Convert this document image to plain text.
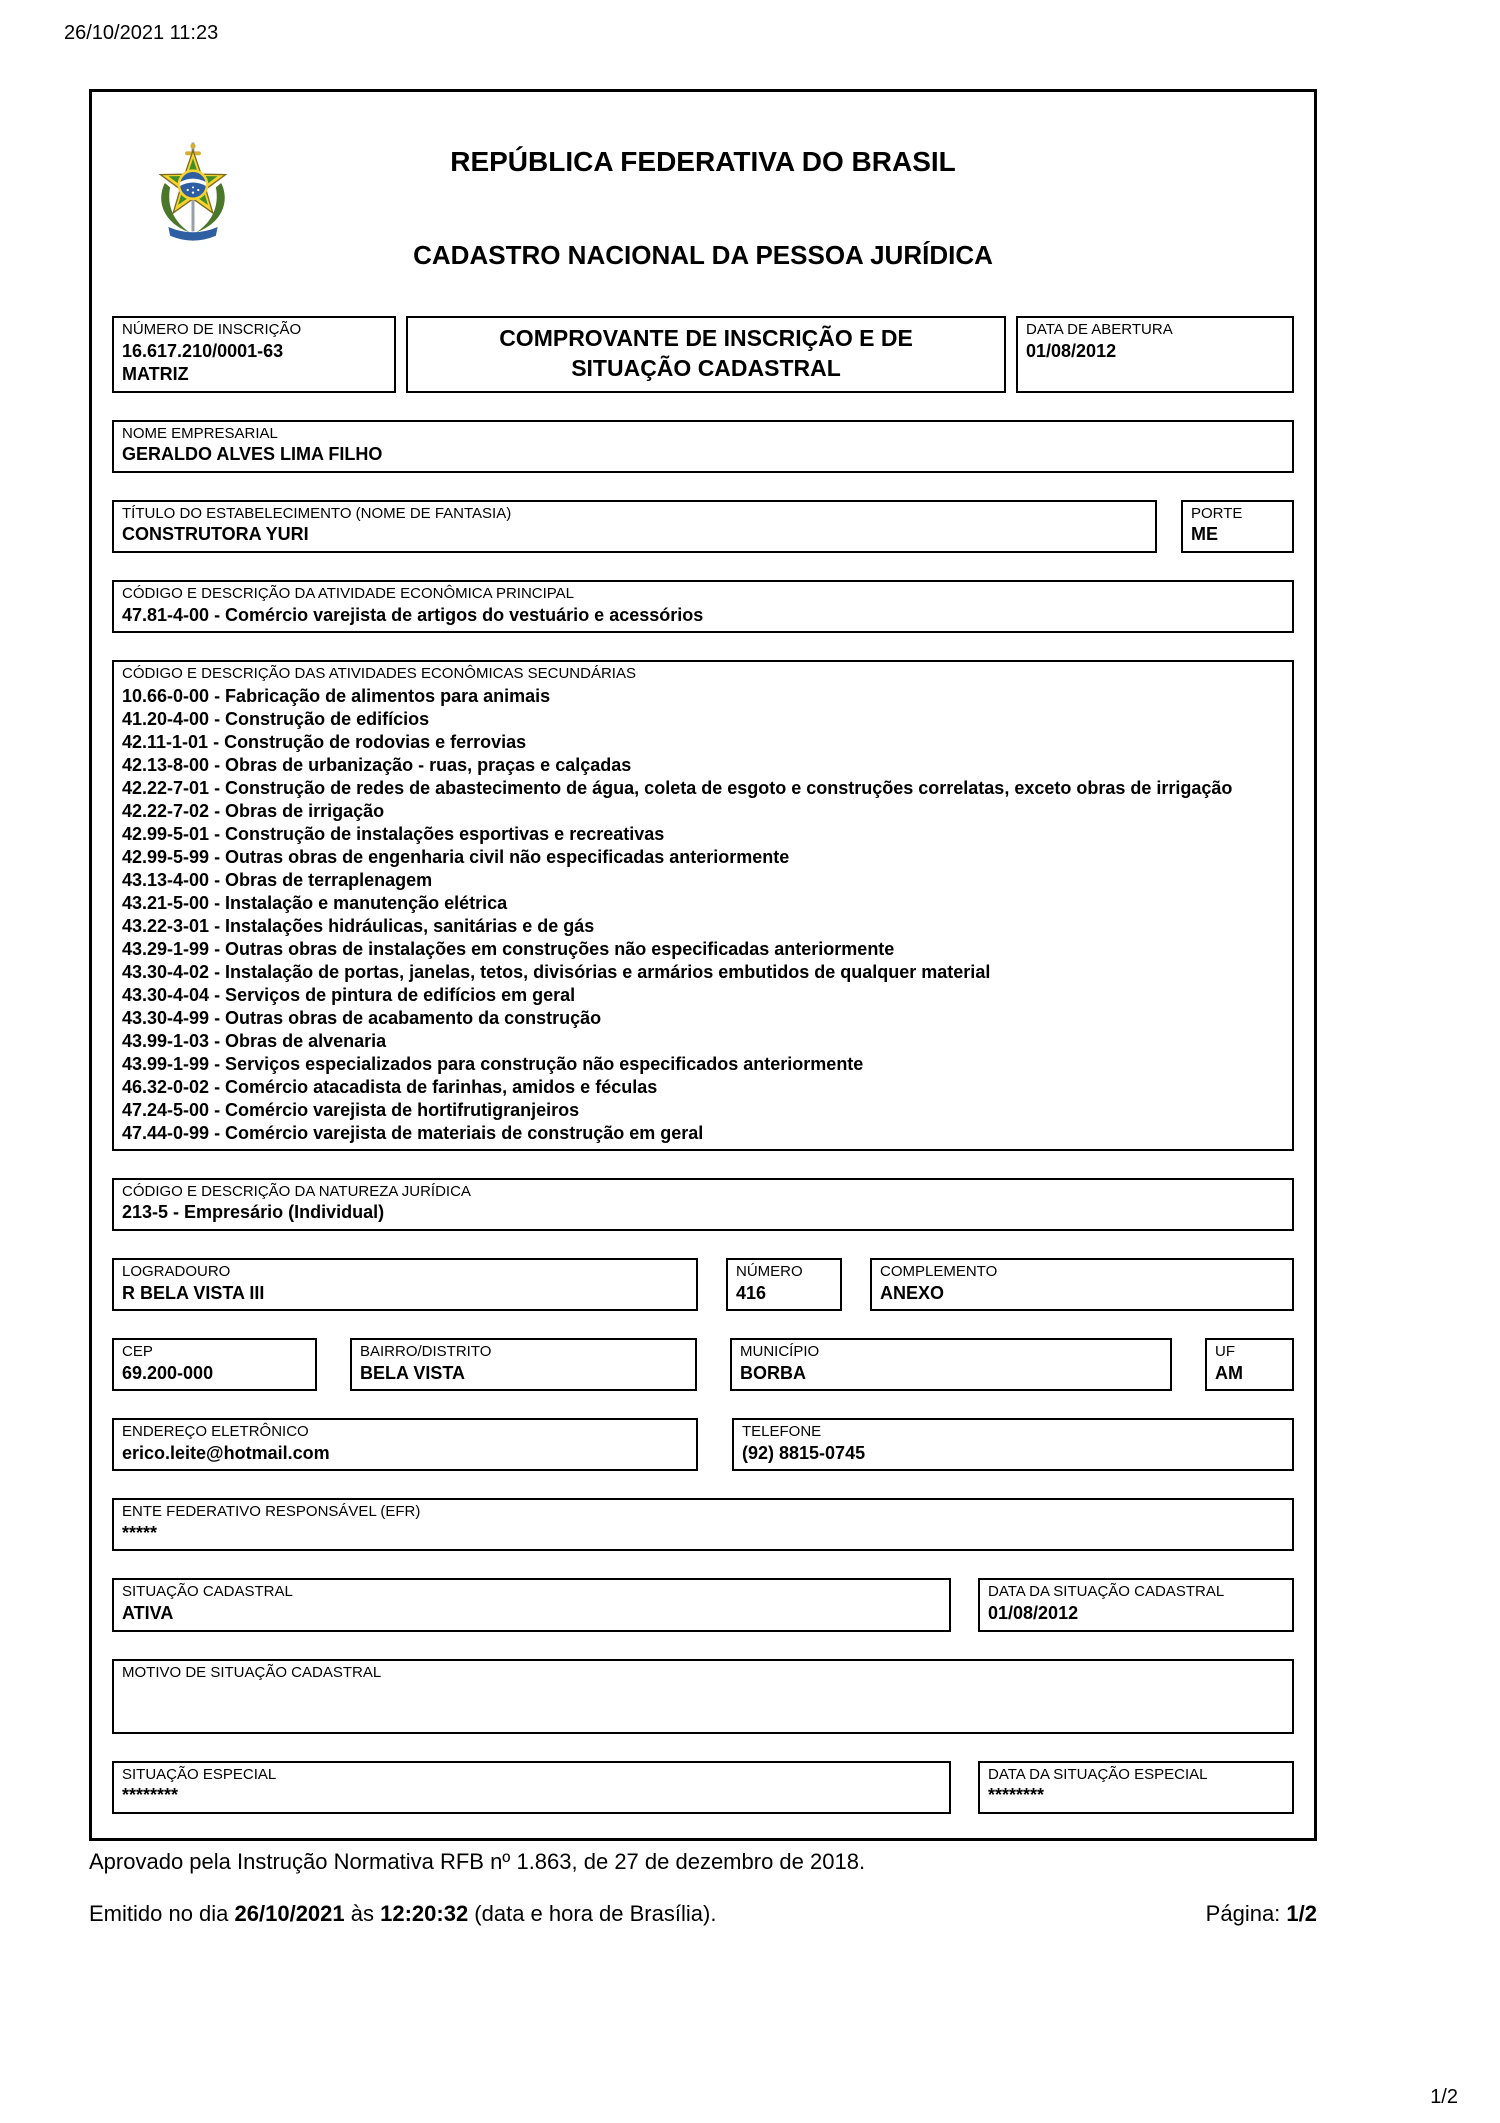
26/10/2021 11:23
REPÚBLICA FEDERATIVA DO BRASIL
CADASTRO NACIONAL DA PESSOA JURÍDICA
NÚMERO DE INSCRIÇÃO
16.617.210/0001-63
MATRIZ
COMPROVANTE DE INSCRIÇÃO E DE SITUAÇÃO CADASTRAL
DATA DE ABERTURA
01/08/2012
NOME EMPRESARIAL
GERALDO ALVES LIMA FILHO
TÍTULO DO ESTABELECIMENTO (NOME DE FANTASIA)
CONSTRUTORA YURI
PORTE
ME
CÓDIGO E DESCRIÇÃO DA ATIVIDADE ECONÔMICA PRINCIPAL
47.81-4-00 - Comércio varejista de artigos do vestuário e acessórios
CÓDIGO E DESCRIÇÃO DAS ATIVIDADES ECONÔMICAS SECUNDÁRIAS
10.66-0-00 - Fabricação de alimentos para animais
41.20-4-00 - Construção de edifícios
42.11-1-01 - Construção de rodovias e ferrovias
42.13-8-00 - Obras de urbanização - ruas, praças e calçadas
42.22-7-01 - Construção de redes de abastecimento de água, coleta de esgoto e construções correlatas, exceto obras de irrigação
42.22-7-02 - Obras de irrigação
42.99-5-01 - Construção de instalações esportivas e recreativas
42.99-5-99 - Outras obras de engenharia civil não especificadas anteriormente
43.13-4-00 - Obras de terraplenagem
43.21-5-00 - Instalação e manutenção elétrica
43.22-3-01 - Instalações hidráulicas, sanitárias e de gás
43.29-1-99 - Outras obras de instalações em construções não especificadas anteriormente
43.30-4-02 - Instalação de portas, janelas, tetos, divisórias e armários embutidos de qualquer material
43.30-4-04 - Serviços de pintura de edifícios em geral
43.30-4-99 - Outras obras de acabamento da construção
43.99-1-03 - Obras de alvenaria
43.99-1-99 - Serviços especializados para construção não especificados anteriormente
46.32-0-02 - Comércio atacadista de farinhas, amidos e féculas
47.24-5-00 - Comércio varejista de hortifrutigranjeiros
47.44-0-99 - Comércio varejista de materiais de construção em geral
CÓDIGO E DESCRIÇÃO DA NATUREZA JURÍDICA
213-5 - Empresário (Individual)
LOGRADOURO
R BELA VISTA III
NÚMERO
416
COMPLEMENTO
ANEXO
CEP
69.200-000
BAIRRO/DISTRITO
BELA VISTA
MUNICÍPIO
BORBA
UF
AM
ENDEREÇO ELETRÔNICO
erico.leite@hotmail.com
TELEFONE
(92) 8815-0745
ENTE FEDERATIVO RESPONSÁVEL (EFR)
*****
SITUAÇÃO CADASTRAL
ATIVA
DATA DA SITUAÇÃO CADASTRAL
01/08/2012
MOTIVO DE SITUAÇÃO CADASTRAL
SITUAÇÃO ESPECIAL
********
DATA DA SITUAÇÃO ESPECIAL
********
Aprovado pela Instrução Normativa RFB nº 1.863, de 27 de dezembro de 2018.
Emitido no dia 26/10/2021 às 12:20:32 (data e hora de Brasília).	Página: 1/2
1/2
